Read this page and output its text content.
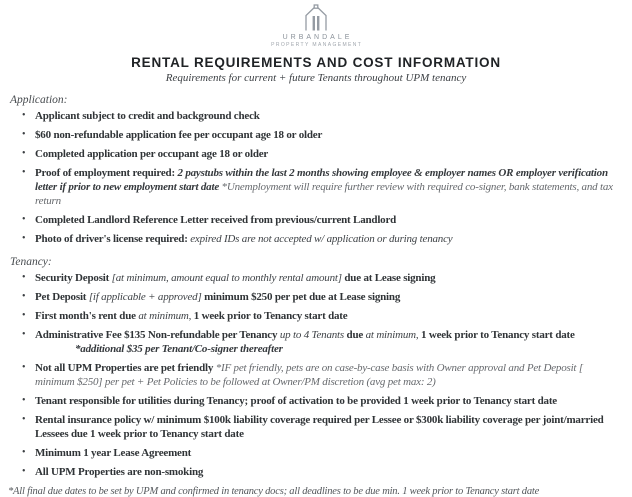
URBANDALE
PROPERTY MANAGEMENT
RENTAL REQUIREMENTS AND COST INFORMATION
Requirements for current + future Tenants throughout UPM tenancy
Application:
• Applicant subject to credit and background check
• $60 non-refundable application fee per occupant age 18 or older
• Completed application per occupant age 18 or older
• Proof of employment required: 2 paystubs within the last 2 months showing employee & employer names OR employer verification letter if prior to new employment start date *Unemployment will require further review with required co-signer, bank statements, and tax return
• Completed Landlord Reference Letter received from previous/current Landlord
• Photo of driver's license required: expired IDs are not accepted w/ application or during tenancy
Tenancy:
• Security Deposit [at minimum, amount equal to monthly rental amount] due at Lease signing
• Pet Deposit [if applicable + approved] minimum $250 per pet due at Lease signing
• First month's rent due at minimum, 1 week prior to Tenancy start date
• Administrative Fee $135 Non-refundable per Tenancy up to 4 Tenants due at minimum, 1 week prior to Tenancy start date
*additional $35 per Tenant/Co-signer thereafter
• Not all UPM Properties are pet friendly *IF pet friendly, pets are on case-by-case basis with Owner approval and Pet Deposit [ minimum $250] per pet + Pet Policies to be followed at Owner/PM discretion (avg pet max: 2)
• Tenant responsible for utilities during Tenancy; proof of activation to be provided 1 week prior to Tenancy start date
• Rental insurance policy w/ minimum $100k liability coverage required per Lessee or $300k liability coverage per joint/married Lessees due 1 week prior to Tenancy start date
• Minimum 1 year Lease Agreement
• All UPM Properties are non-smoking
*All final due dates to be set by UPM and confirmed in tenancy docs; all deadlines to be due min. 1 week prior to Tenancy start date
